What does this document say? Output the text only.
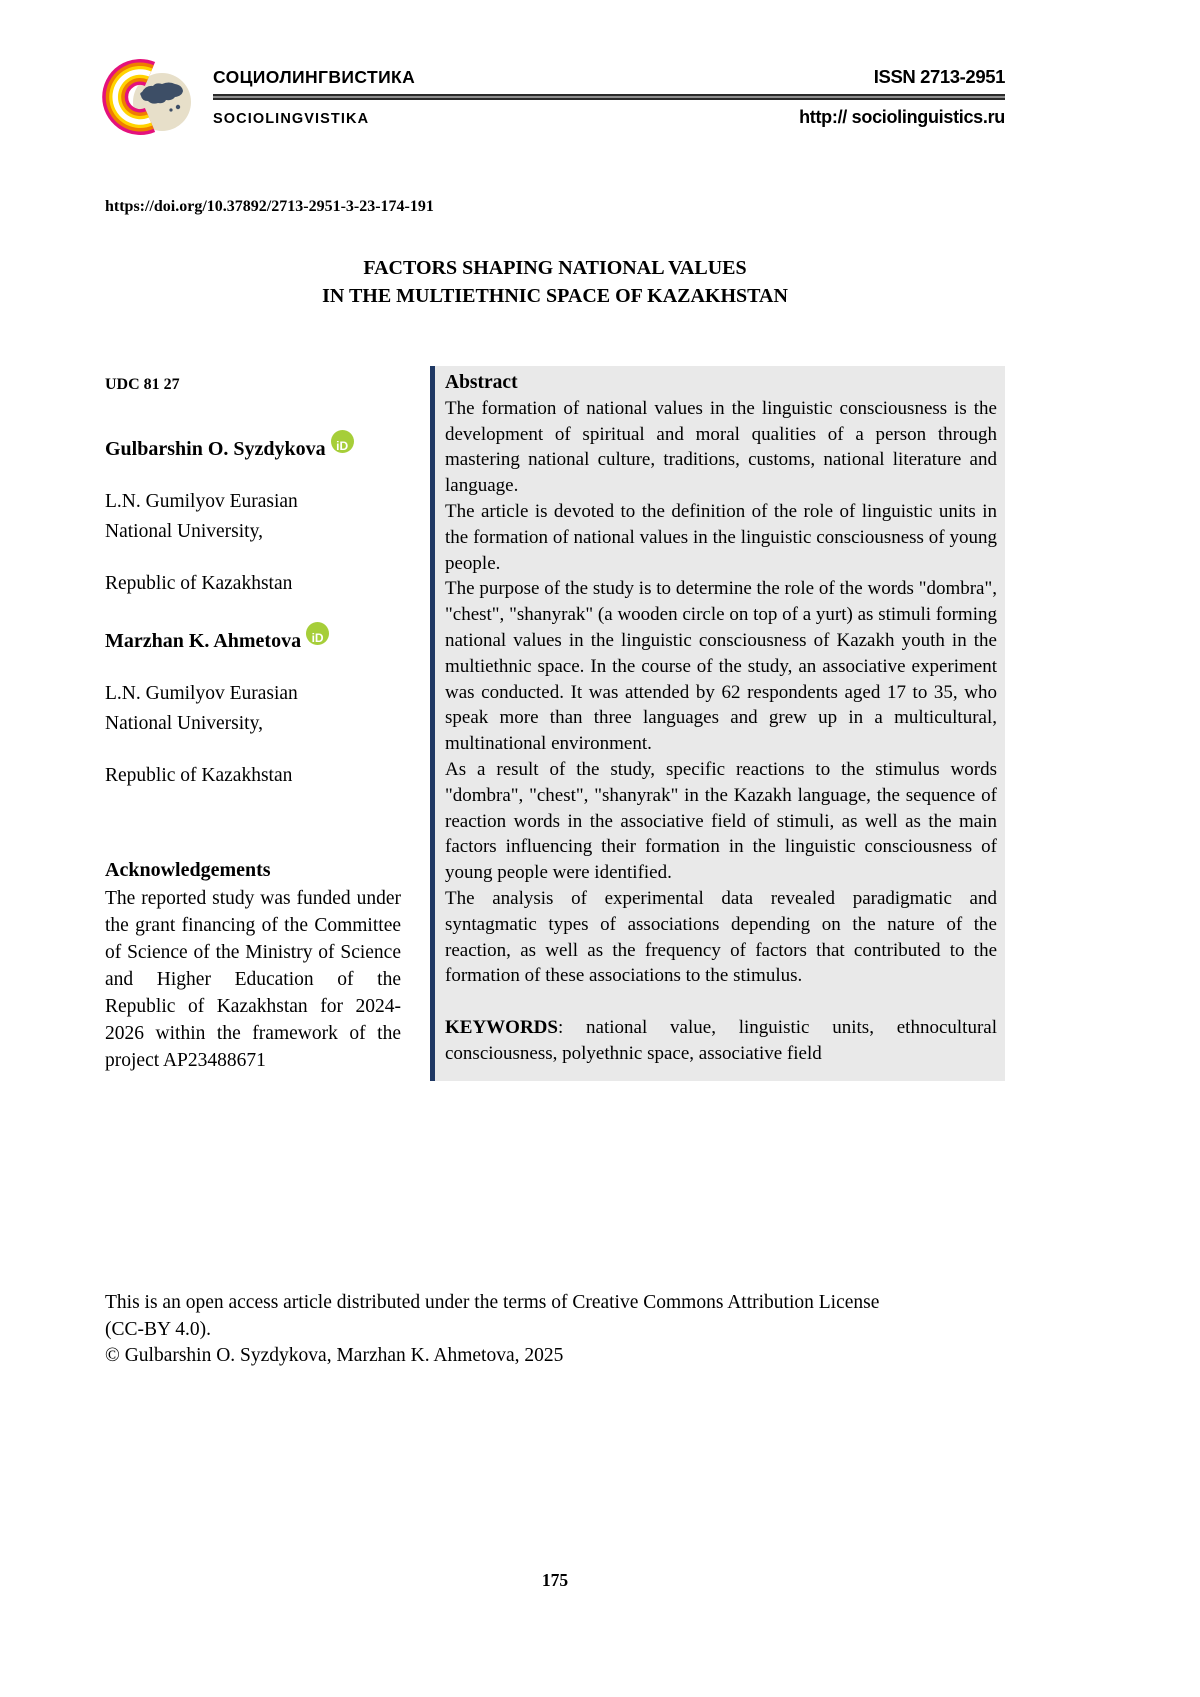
СОЦИОЛИНГВИСТИКА	ISSN 2713-2951
SOCIOLINGVISTIKA	http:// sociolinguistics.ru
https://doi.org/10.37892/2713-2951-3-23-174-191
FACTORS SHAPING NATIONAL VALUES
IN THE MULTIETHNIC SPACE OF KAZAKHSTAN
UDC 81 27

Gulbarshin O. Syzdykova iD

L.N. Gumilyov Eurasian National University,

Republic of Kazakhstan

Marzhan K. Ahmetova iD

L.N. Gumilyov Eurasian National University,

Republic of Kazakhstan

Acknowledgements

The reported study was funded under the grant financing of the Committee of Science of the Ministry of Science and Higher Education of the Republic of Kazakhstan for 2024-2026 within the framework of the project AP23488671

Abstract

The formation of national values in the linguistic consciousness is the development of spiritual and moral qualities of a person through mastering national culture, traditions, customs, national literature and language.

The article is devoted to the definition of the role of linguistic units in the formation of national values in the linguistic consciousness of young people.

The purpose of the study is to determine the role of the words "dombra", "chest", "shanyrak" (a wooden circle on top of a yurt) as stimuli forming national values in the linguistic consciousness of Kazakh youth in the multiethnic space. In the course of the study, an associative experiment was conducted. It was attended by 62 respondents aged 17 to 35, who speak more than three languages and grew up in a multicultural, multinational environment.

As a result of the study, specific reactions to the stimulus words "dombra", "chest", "shanyrak" in the Kazakh language, the sequence of reaction words in the associative field of stimuli, as well as the main factors influencing their formation in the linguistic consciousness of young people were identified.

The analysis of experimental data revealed paradigmatic and syntagmatic types of associations depending on the nature of the reaction, as well as the frequency of factors that contributed to the formation of these associations to the stimulus.

KEYWORDS: national value, linguistic units, ethnocultural consciousness, polyethnic space, associative field

This is an open access article distributed under the terms of Creative Commons Attribution License (CC-BY 4.0).

© Gulbarshin O. Syzdykova, Marzhan K. Ahmetova, 2025

175
